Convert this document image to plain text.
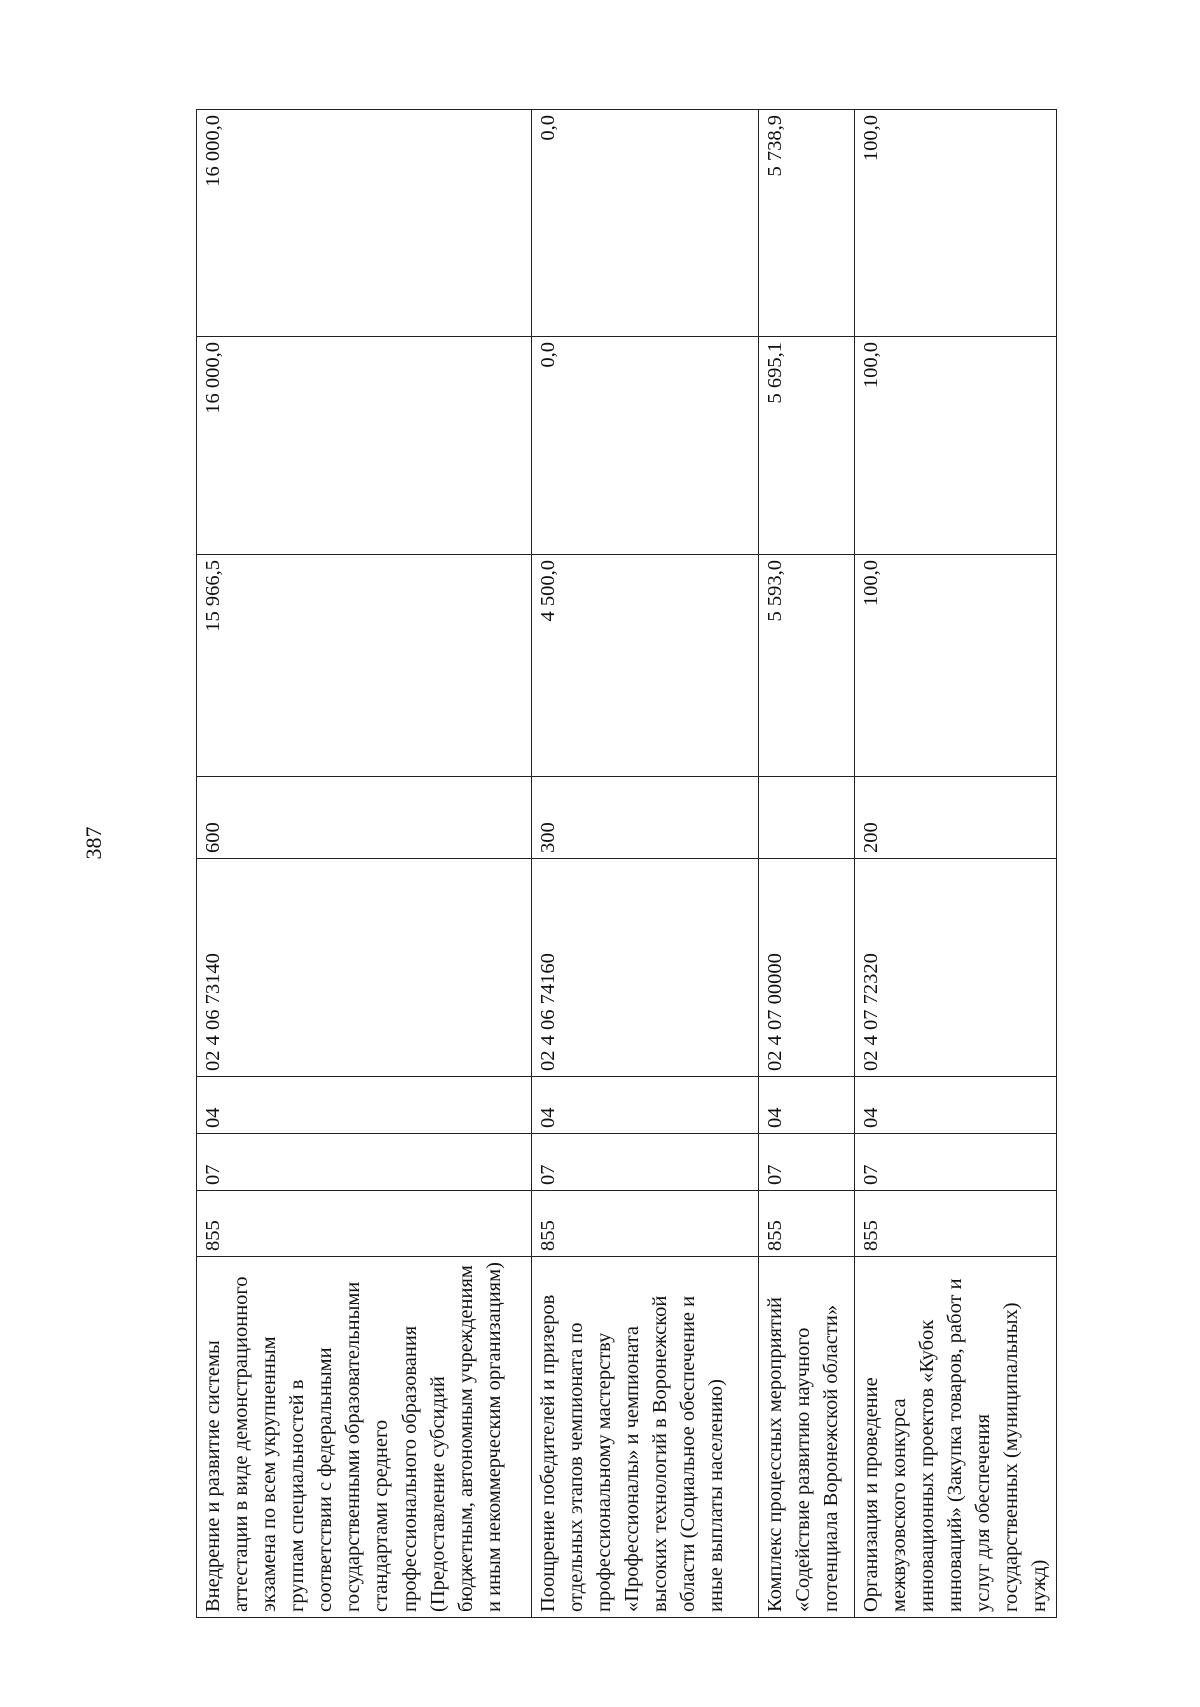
387
Внедрение и развитие системы аттестации в виде демонстрационного экзамена по всем укрупненным группам специальностей в соответствии с федеральными государственными образовательными стандартами среднего профессионального образования (Предоставление субсидий бюджетным, автономным учреждениям и иным некоммерческим организациям)	855	07	04	02 4 06 73140	600	15 966,5	16 000,0	16 000,0
Поощрение победителей и призеров отдельных этапов чемпионата по профессиональному мастерству «Профессионалы» и чемпионата высоких технологий в Воронежской области (Социальное обеспечение и иные выплаты населению)	855	07	04	02 4 06 74160	300	4 500,0	0,0	0,0
Комплекс процессных мероприятий «Содействие развитию научного потенциала Воронежской области»	855	07	04	02 4 07 00000		5 593,0	5 695,1	5 738,9
Организация и проведение межвузовского конкурса инновационных проектов «Кубок инноваций» (Закупка товаров, работ и услуг для обеспечения государственных (муниципальных) нужд)	855	07	04	02 4 07 72320	200	100,0	100,0	100,0
